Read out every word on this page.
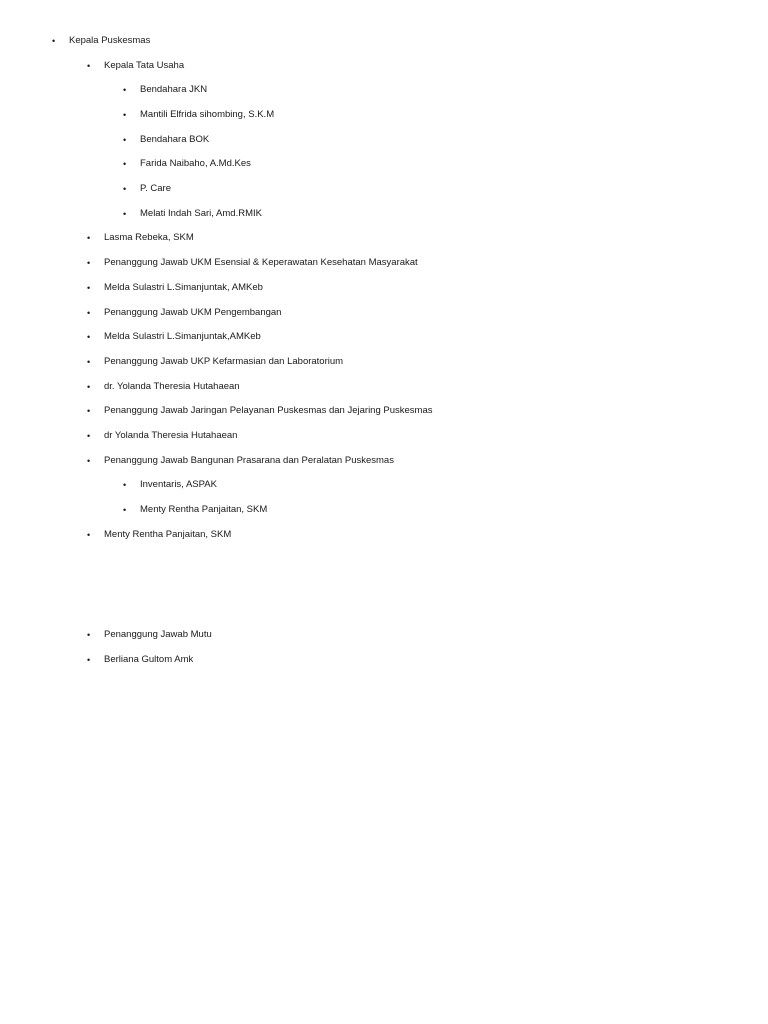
• Kepala Puskesmas
• Kepala Tata Usaha
• Bendahara JKN
• Mantili Elfrida sihombing, S.K.M
• Bendahara BOK
• Farida Naibaho, A.Md.Kes
• P. Care
• Melati Indah Sari, Amd.RMIK
• Lasma Rebeka, SKM
• Penanggung Jawab UKM Esensial & Keperawatan Kesehatan Masyarakat
• Melda Sulastri L.Simanjuntak, AMKeb
• Penanggung Jawab UKM Pengembangan
• Melda Sulastri L.Simanjuntak,AMKeb
• Penanggung Jawab UKP Kefarmasian dan Laboratorium
• dr. Yolanda Theresia Hutahaean
• Penanggung Jawab Jaringan Pelayanan Puskesmas dan Jejaring Puskesmas
• dr Yolanda Theresia Hutahaean
• Penanggung Jawab Bangunan Prasarana dan Peralatan Puskesmas
• Inventaris, ASPAK
• Menty Rentha Panjaitan, SKM
• Menty Rentha Panjaitan, SKM
• Penanggung Jawab Mutu
• Berliana Gultom Amk
